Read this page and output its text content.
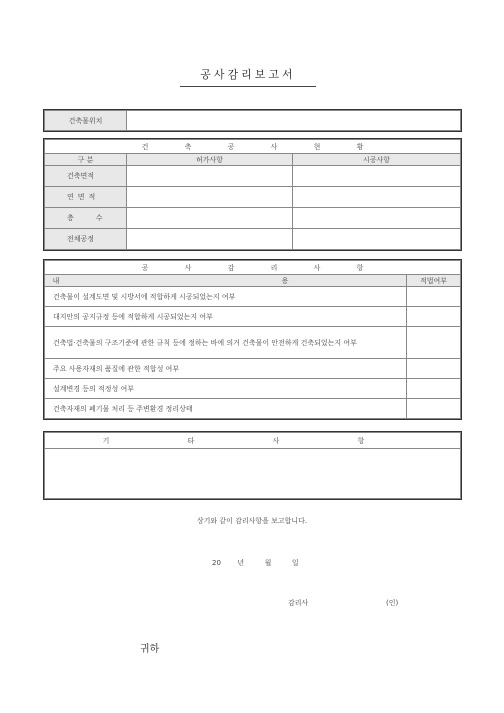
공사감리보고서
건축물위치	
건 축 공 사 현 황		
구 분	허가사항	시공사항
건축면적		
연면적		
층수		
전체공정		
공 사 감 리 사 항	
내 용	적법여부
건축물이 설계도면 및 시방서에 적합하게 시공되었는지 여부	
대지안의 공지규정 등에 적합하게 시공되었는지 여부	
건축법·건축물의 구조기준에 관한 규칙 등에 정하는 바에 의거 건축물이 안전하게 건축되었는지 여부	
주요 사용자재의 품질에 관한 적합성 여부	
설계변경 등의 적정성 여부	
건축자재의 폐기물 처리 등 주변환경 정리상태	
기 타 사 항

상기와 같이 감리사항을 보고합니다.
20 년	월	일
감리사	(인)
귀하
